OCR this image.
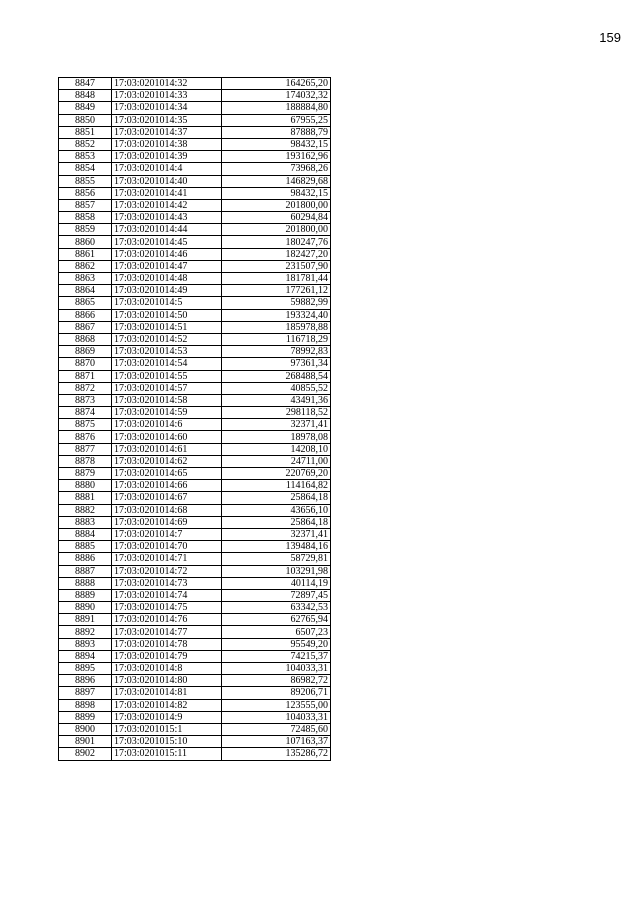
159
8847	17:03:0201014:32	164265,20
8848	17:03:0201014:33	174032,32
8849	17:03:0201014:34	188884,80
8850	17:03:0201014:35	67955,25
8851	17:03:0201014:37	87888,79
8852	17:03:0201014:38	98432,15
8853	17:03:0201014:39	193162,96
8854	17:03:0201014:4	73968,26
8855	17:03:0201014:40	146829,68
8856	17:03:0201014:41	98432,15
8857	17:03:0201014:42	201800,00
8858	17:03:0201014:43	60294,84
8859	17:03:0201014:44	201800,00
8860	17:03:0201014:45	180247,76
8861	17:03:0201014:46	182427,20
8862	17:03:0201014:47	231507,90
8863	17:03:0201014:48	181781,44
8864	17:03:0201014:49	177261,12
8865	17:03:0201014:5	59882,99
8866	17:03:0201014:50	193324,40
8867	17:03:0201014:51	185978,88
8868	17:03:0201014:52	116718,29
8869	17:03:0201014:53	78992,83
8870	17:03:0201014:54	97361,34
8871	17:03:0201014:55	268488,54
8872	17:03:0201014:57	40855,52
8873	17:03:0201014:58	43491,36
8874	17:03:0201014:59	298118,52
8875	17:03:0201014:6	32371,41
8876	17:03:0201014:60	18978,08
8877	17:03:0201014:61	14208,10
8878	17:03:0201014:62	24711,00
8879	17:03:0201014:65	220769,20
8880	17:03:0201014:66	114164,82
8881	17:03:0201014:67	25864,18
8882	17:03:0201014:68	43656,10
8883	17:03:0201014:69	25864,18
8884	17:03:0201014:7	32371,41
8885	17:03:0201014:70	139484,16
8886	17:03:0201014:71	58729,81
8887	17:03:0201014:72	103291,98
8888	17:03:0201014:73	40114,19
8889	17:03:0201014:74	72897,45
8890	17:03:0201014:75	63342,53
8891	17:03:0201014:76	62765,94
8892	17:03:0201014:77	6507,23
8893	17:03:0201014:78	95549,20
8894	17:03:0201014:79	74215,37
8895	17:03:0201014:8	104033,31
8896	17:03:0201014:80	86982,72
8897	17:03:0201014:81	89206,71
8898	17:03:0201014:82	123555,00
8899	17:03:0201014:9	104033,31
8900	17:03:0201015:1	72485,60
8901	17:03:0201015:10	107163,37
8902	17:03:0201015:11	135286,72
